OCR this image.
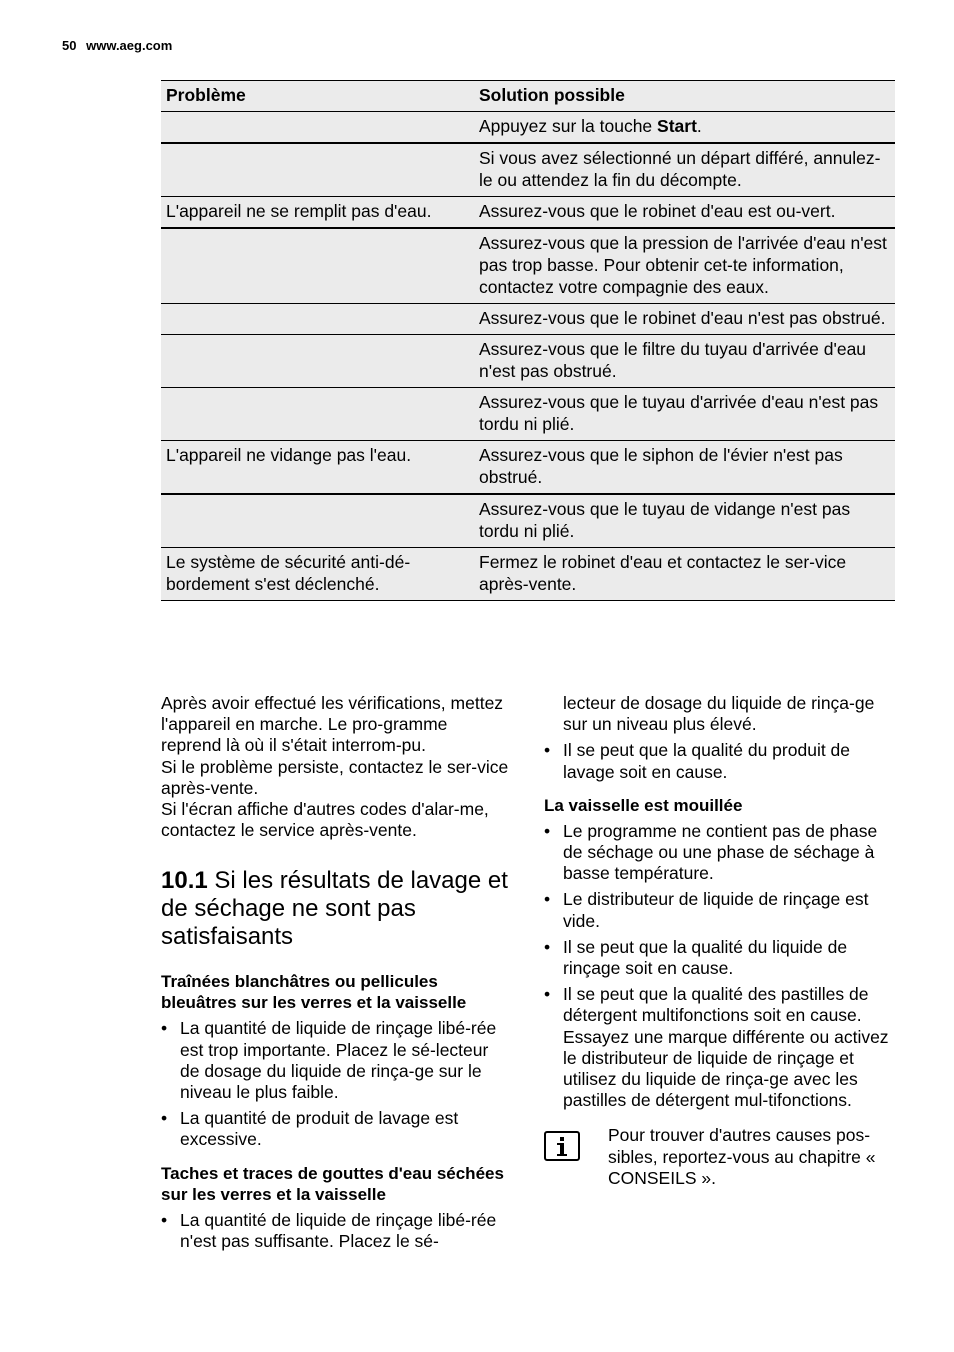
50 www.aeg.com
Problème	Solution possible
	Appuyez sur la touche Start.
	Si vous avez sélectionné un départ différé, annulez-le ou attendez la fin du décompte.
L'appareil ne se remplit pas d'eau.	Assurez-vous que le robinet d'eau est ou-vert.
	Assurez-vous que la pression de l'arrivée d'eau n'est pas trop basse. Pour obtenir cet-te information, contactez votre compagnie des eaux.
	Assurez-vous que le robinet d'eau n'est pas obstrué.
	Assurez-vous que le filtre du tuyau d'arrivée d'eau n'est pas obstrué.
	Assurez-vous que le tuyau d'arrivée d'eau n'est pas tordu ni plié.
L'appareil ne vidange pas l'eau.	Assurez-vous que le siphon de l'évier n'est pas obstrué.
	Assurez-vous que le tuyau de vidange n'est pas tordu ni plié.
Le système de sécurité anti-dé-bordement s'est déclenché.	Fermez le robinet d'eau et contactez le ser-vice après-vente.

Après avoir effectué les vérifications, mettez l'appareil en marche. Le pro-gramme reprend là où il s'était interrom-pu.

Si le problème persiste, contactez le ser-vice après-vente.

Si l'écran affiche d'autres codes d'alar-me, contactez le service après-vente.

10.1 Si les résultats de lavage et de séchage ne sont pas satisfaisants
Traînées blanchâtres ou pellicules bleuâtres sur les verres et la vaisselle
• La quantité de liquide de rinçage libé-rée est trop importante. Placez le sé-lecteur de dosage du liquide de rinça-ge sur le niveau le plus faible.
• La quantité de produit de lavage est excessive.
Taches et traces de gouttes d'eau séchées sur les verres et la vaisselle
• La quantité de liquide de rinçage libé-rée n'est pas suffisante. Placez le sé-

lecteur de dosage du liquide de rinça-ge sur un niveau plus élevé.

• Il se peut que la qualité du produit de lavage soit en cause.
La vaisselle est mouillée
• Le programme ne contient pas de phase de séchage ou une phase de séchage à basse température.
• Le distributeur de liquide de rinçage est vide.
• Il se peut que la qualité du liquide de rinçage soit en cause.
• Il se peut que la qualité des pastilles de détergent multifonctions soit en cause. Essayez une marque différente ou activez le distributeur de liquide de rinçage et utilisez du liquide de rinça-ge avec les pastilles de détergent mul-tifonctions.
Pour trouver d'autres causes pos-sibles, reportez-vous au chapitre « CONSEILS ».
